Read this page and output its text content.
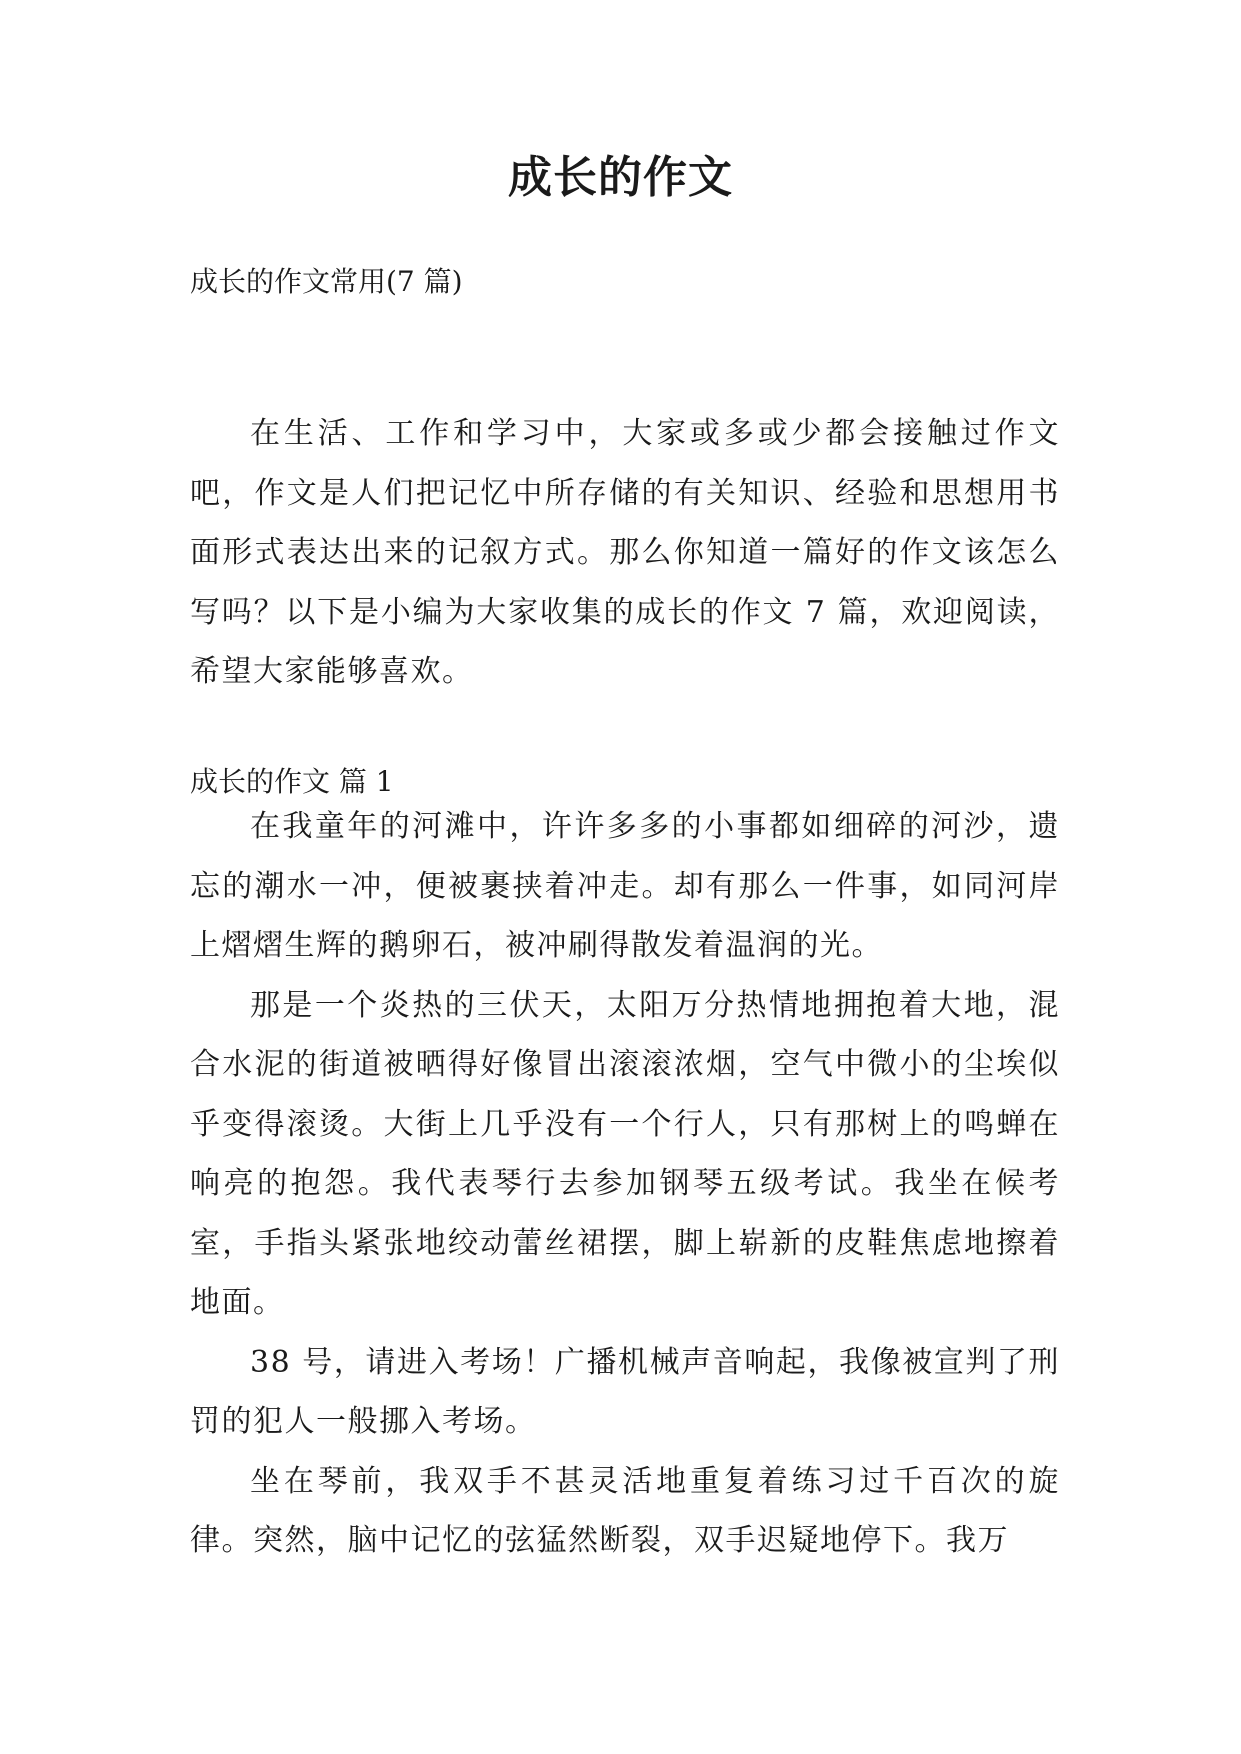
成长的作文
成长的作文常用(7 篇)

在生活、工作和学习中，大家或多或少都会接触过作文吧，作文是人们把记忆中所存储的有关知识、经验和思想用书面形式表达出来的记叙方式。那么你知道一篇好的作文该怎么写吗？以下是小编为大家收集的成长的作文 7 篇，欢迎阅读，希望大家能够喜欢。

成长的作文 篇 1

在我童年的河滩中，许许多多的小事都如细碎的河沙，遗忘的潮水一冲，便被裹挟着冲走。却有那么一件事，如同河岸上熠熠生辉的鹅卵石，被冲刷得散发着温润的光。

那是一个炎热的三伏天，太阳万分热情地拥抱着大地，混合水泥的街道被晒得好像冒出滚滚浓烟，空气中微小的尘埃似乎变得滚烫。大街上几乎没有一个行人，只有那树上的鸣蝉在响亮的抱怨。我代表琴行去参加钢琴五级考试。我坐在候考室，手指头紧张地绞动蕾丝裙摆，脚上崭新的皮鞋焦虑地擦着地面。

38 号，请进入考场！广播机械声音响起，我像被宣判了刑罚的犯人一般挪入考场。

坐在琴前，我双手不甚灵活地重复着练习过千百次的旋律。突然，脑中记忆的弦猛然断裂，双手迟疑地停下。我万
